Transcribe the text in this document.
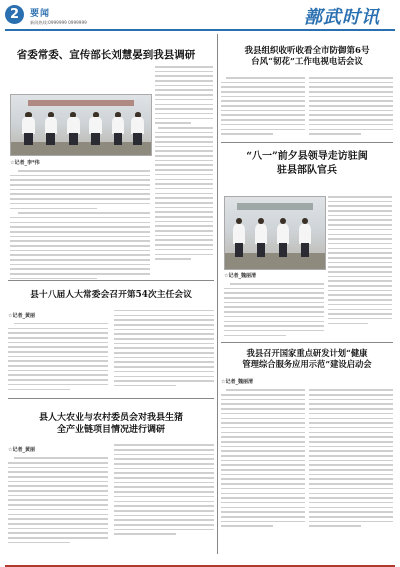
2	要闻
新闻热线:0999999 0999999	鄯武时讯
省委常委、宣传部长刘慧晏到我县调研

☆记者_李*伟

我县组织收听收看全市防御第6号
台风“韧花”工作电视电话会议
“八一”前夕县领导走访驻闽
驻县部队官兵

☆记者_魏丽清

我县召开国家重点研发计划“健康
管理综合服务应用示范”建设启动会

☆记者_魏丽清

县十八届人大常委会召开第54次主任会议

☆记者_黄丽

县人大农业与农村委员会对我县生猪
全产业链项目情况进行调研

☆记者_黄丽
